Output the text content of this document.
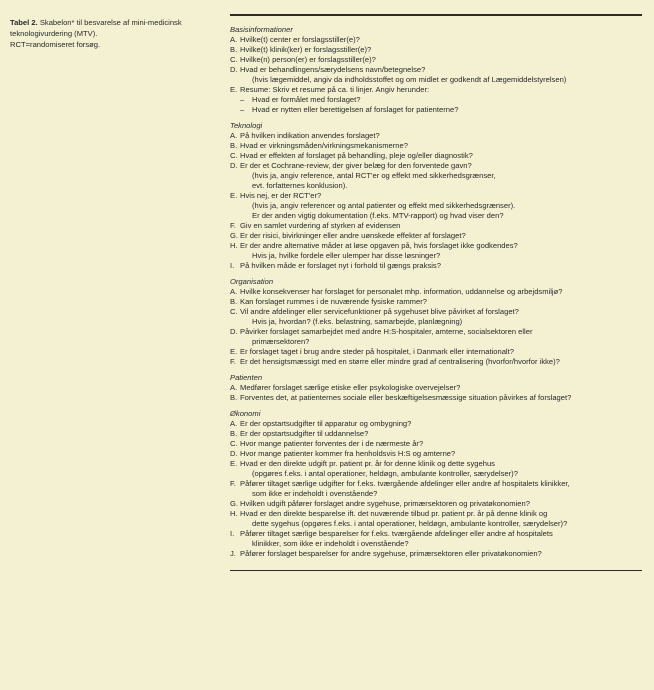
Tabel 2. Skabelon* til besvarelse af mini-medicinsk teknologivurdering (MTV).
RCT=randomiseret forsøg.
Basisinformationer
A. Hvilke(t) center er forslagsstiller(e)?
B. Hvilke(t) klinik(ker) er forslagsstiller(e)?
C. Hvilke(n) person(er) er forslagsstiller(e)?
D. Hvad er behandlingens/særydelsens navn/betegnelse?
(hvis lægemiddel, angiv da indholdsstoffet og om midlet er godkendt af Lægemiddelstyrelsen)
E. Resume: Skriv et resume på ca. ti linjer. Angiv herunder:
–	Hvad er formålet med forslaget?
–	Hvad er nytten eller berettigelsen af forslaget for patienterne?
Teknologi
A. På hvilken indikation anvendes forslaget?
B. Hvad er virkningsmåden/virkningsmekanismerne?
C. Hvad er effekten af forslaget på behandling, pleje og/eller diagnostik?
D. Er der et Cochrane-review, der giver belæg for den forventede gavn?
(hvis ja, angiv reference, antal RCT'er og effekt med sikkerhedsgrænser,
evt. forfatternes konklusion).
E. Hvis nej, er der RCT'er?
(hvis ja, angiv referencer og antal patienter og effekt med sikkerhedsgrænser).
Er der anden vigtig dokumentation (f.eks. MTV-rapport) og hvad viser den?
F. Giv en samlet vurdering af styrken af evidensen
G. Er der risici, bivirkninger eller andre uønskede effekter af forslaget?
H. Er der andre alternative måder at løse opgaven på, hvis forslaget ikke godkendes?
Hvis ja, hvilke fordele eller ulemper har disse løsninger?
I. På hvilken måde er forslaget nyt i forhold til gængs praksis?
Organisation
A. Hvilke konsekvenser har forslaget for personalet mhp. information, uddannelse og arbejdsmiljø?
B. Kan forslaget rummes i de nuværende fysiske rammer?
C. Vil andre afdelinger eller servicefunktioner på sygehuset blive påvirket af forslaget?
Hvis ja, hvordan? (f.eks. belastning, samarbejde, planlægning)
D. Påvirker forslaget samarbejdet med andre H:S-hospitaler, amterne, socialsektoren eller
primærsektoren?
E. Er forslaget taget i brug andre steder på hospitalet, i Danmark eller internationalt?
F. Er det hensigtsmæssigt med en større eller mindre grad af centralisering (hvorfor/hvorfor ikke)?
Patienten
A. Medfører forslaget særlige etiske eller psykologiske overvejelser?
B. Forventes det, at patienternes sociale eller beskæftigelsesmæssige situation påvirkes af forslaget?
Økonomi
A. Er der opstartsudgifter til apparatur og ombygning?
B. Er der opstartsudgifter til uddannelse?
C. Hvor mange patienter forventes der i de nærmeste år?
D. Hvor mange patienter kommer fra henholdsvis H:S og amterne?
E. Hvad er den direkte udgift pr. patient pr. år for denne klinik og dette sygehus
(opgøres f.eks. i antal operationer, heldøgn, ambulante kontroller, særydelser)?
F. Påfører tiltaget særlige udgifter for f.eks. tværgående afdelinger eller andre af hospitalets klinikker,
som ikke er indeholdt i ovenstående?
G. Hvilken udgift påfører forslaget andre sygehuse, primærsektoren og privatøkonomien?
H. Hvad er den direkte besparelse ift. det nuværende tilbud pr. patient pr. år på denne klinik og
dette sygehus (opgøres f.eks. i antal operationer, heldøgn, ambulante kontroller, særydelser)?
I. Påfører tiltaget særlige besparelser for f.eks. tværgående afdelinger eller andre af hospitalets
klinikker, som ikke er indeholdt i ovenstående?
J. Påfører forslaget besparelser for andre sygehuse, primærsektoren eller privatøkonomien?
